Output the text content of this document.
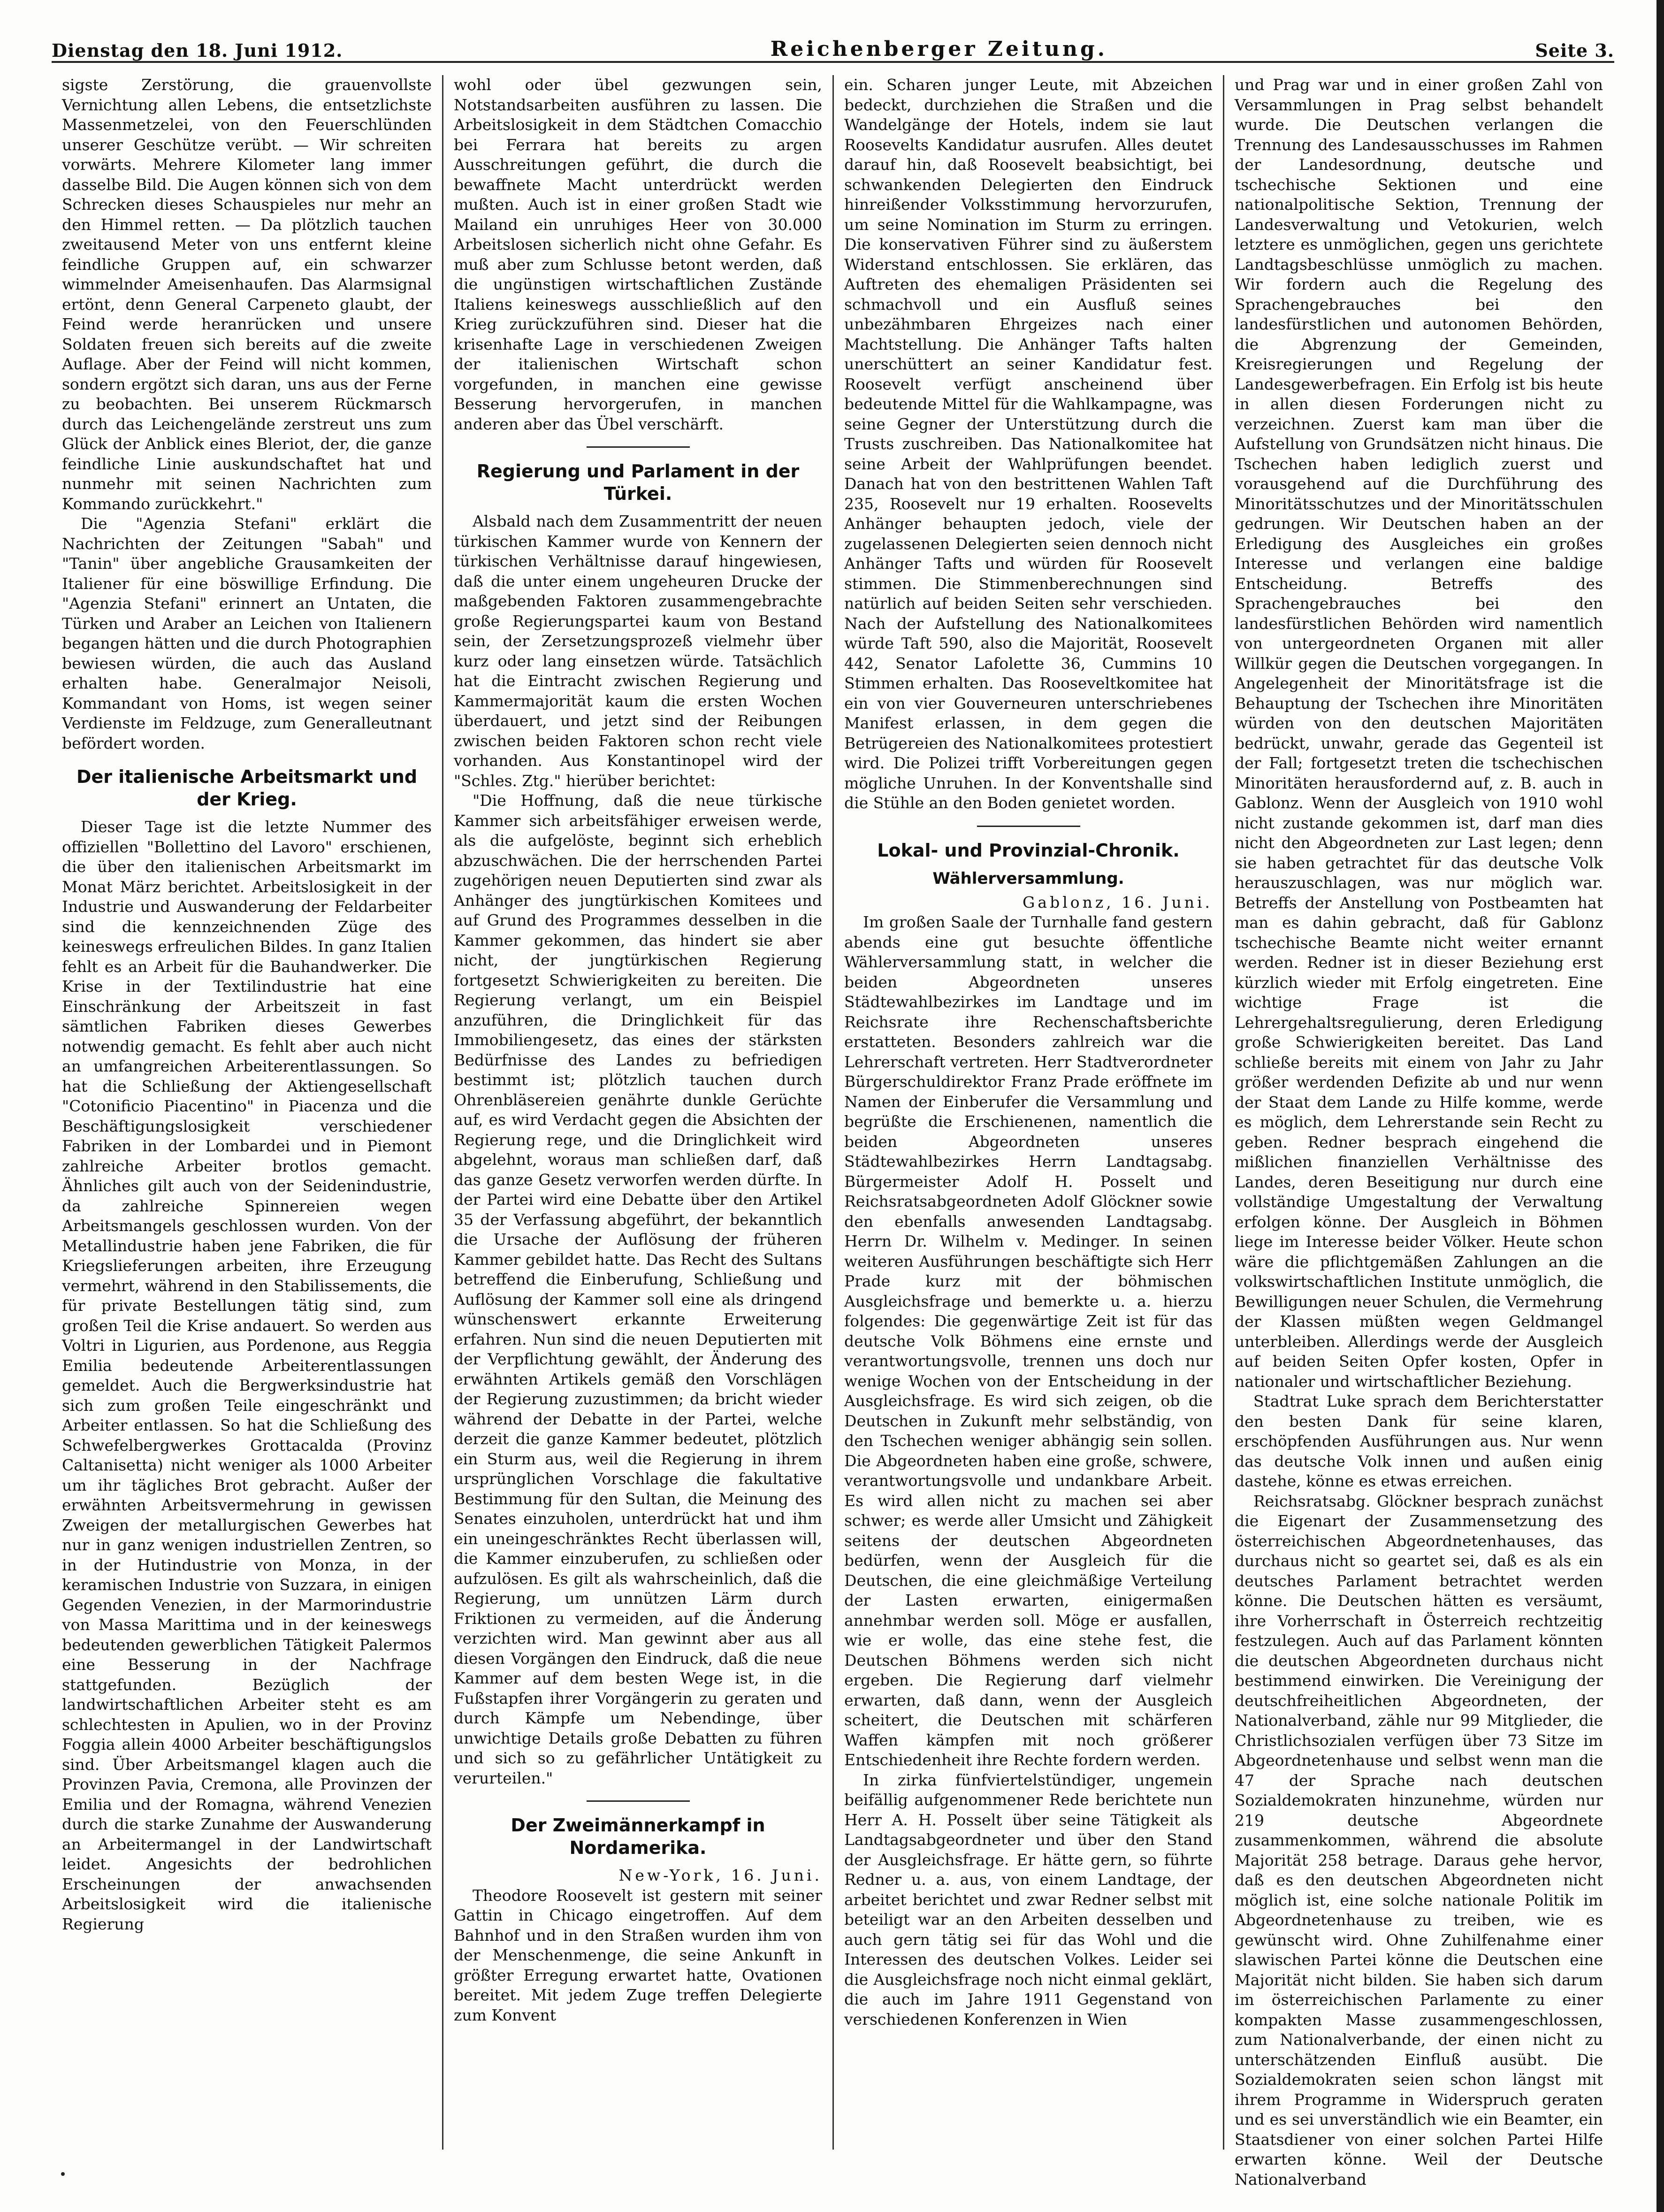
Dienstag den 18. Juni 1912.	Reichenberger Zeitung.	Seite 3.

sigste Zerstörung, die grauenvollste Vernichtung allen Lebens, die entsetzlichste Massenmetzelei, von den Feuerschlünden unserer Geschütze verübt. — Wir schreiten vorwärts. Mehrere Kilometer lang immer dasselbe Bild. Die Augen können sich von dem Schrecken dieses Schauspieles nur mehr an den Himmel retten. — Da plötzlich tauchen zweitausend Meter von uns entfernt kleine feindliche Gruppen auf, ein schwarzer wimmelnder Ameisenhaufen. Das Alarmsignal ertönt, denn General Carpeneto glaubt, der Feind werde heranrücken und unsere Soldaten freuen sich bereits auf die zweite Auflage. Aber der Feind will nicht kommen, sondern ergötzt sich daran, uns aus der Ferne zu beobachten. Bei unserem Rückmarsch durch das Leichengelände zerstreut uns zum Glück der Anblick eines Bleriot, der, die ganze feindliche Linie auskundschaftet hat und nunmehr mit seinen Nachrichten zum Kommando zurückkehrt."

Die "Agenzia Stefani" erklärt die Nachrichten der Zeitungen "Sabah" und "Tanin" über angebliche Grausamkeiten der Italiener für eine böswillige Erfindung. Die "Agenzia Stefani" erinnert an Untaten, die Türken und Araber an Leichen von Italienern begangen hätten und die durch Photographien bewiesen würden, die auch das Ausland erhalten habe. Generalmajor Neisoli, Kommandant von Homs, ist wegen seiner Verdienste im Feldzuge, zum Generalleutnant befördert worden.

Der italienische Arbeitsmarkt und der Krieg.

Dieser Tage ist die letzte Nummer des offiziellen "Bollettino del Lavoro" erschienen, die über den italienischen Arbeitsmarkt im Monat März berichtet. Arbeitslosigkeit in der Industrie und Auswanderung der Feldarbeiter sind die kennzeichnenden Züge des keineswegs erfreulichen Bildes. In ganz Italien fehlt es an Arbeit für die Bauhandwerker. Die Krise in der Textilindustrie hat eine Einschränkung der Arbeitszeit in fast sämtlichen Fabriken dieses Gewerbes notwendig gemacht. Es fehlt aber auch nicht an umfangreichen Arbeiterentlassungen. So hat die Schließung der Aktiengesellschaft "Cotonificio Piacentino" in Piacenza und die Beschäftigungslosigkeit verschiedener Fabriken in der Lombardei und in Piemont zahlreiche Arbeiter brotlos gemacht. Ähnliches gilt auch von der Seidenindustrie, da zahlreiche Spinnereien wegen Arbeitsmangels geschlossen wurden. Von der Metallindustrie haben jene Fabriken, die für Kriegslieferungen arbeiten, ihre Erzeugung vermehrt, während in den Stabilissements, die für private Bestellungen tätig sind, zum großen Teil die Krise andauert. So werden aus Voltri in Ligurien, aus Pordenone, aus Reggia Emilia bedeutende Arbeiterentlassungen gemeldet. Auch die Bergwerksindustrie hat sich zum großen Teile eingeschränkt und Arbeiter entlassen. So hat die Schließung des Schwefelbergwerkes Grottacalda (Provinz Caltanisetta) nicht weniger als 1000 Arbeiter um ihr tägliches Brot gebracht. Außer der erwähnten Arbeitsvermehrung in gewissen Zweigen der metallurgischen Gewerbes hat nur in ganz wenigen industriellen Zentren, so in der Hutindustrie von Monza, in der keramischen Industrie von Suzzara, in einigen Gegenden Venezien, in der Marmorindustrie von Massa Marittima und in der keineswegs bedeutenden gewerblichen Tätigkeit Palermos eine Besserung in der Nachfrage stattgefunden. Bezüglich der landwirtschaftlichen Arbeiter steht es am schlechtesten in Apulien, wo in der Provinz Foggia allein 4000 Arbeiter beschäftigungslos sind. Über Arbeitsmangel klagen auch die Provinzen Pavia, Cremona, alle Provinzen der Emilia und der Romagna, während Venezien durch die starke Zunahme der Auswanderung an Arbeitermangel in der Landwirtschaft leidet. Angesichts der bedrohlichen Erscheinungen der anwachsenden Arbeitslosigkeit wird die italienische Regierung

wohl oder übel gezwungen sein, Notstandsarbeiten ausführen zu lassen. Die Arbeitslosigkeit in dem Städtchen Comacchio bei Ferrara hat bereits zu argen Ausschreitungen geführt, die durch die bewaffnete Macht unterdrückt werden mußten. Auch ist in einer großen Stadt wie Mailand ein unruhiges Heer von 30.000 Arbeitslosen sicherlich nicht ohne Gefahr. Es muß aber zum Schlusse betont werden, daß die ungünstigen wirtschaftlichen Zustände Italiens keineswegs ausschließlich auf den Krieg zurückzuführen sind. Dieser hat die krisenhafte Lage in verschiedenen Zweigen der italienischen Wirtschaft schon vorgefunden, in manchen eine gewisse Besserung hervorgerufen, in manchen anderen aber das Übel verschärft.

Regierung und Parlament in der Türkei.

Alsbald nach dem Zusammentritt der neuen türkischen Kammer wurde von Kennern der türkischen Verhältnisse darauf hingewiesen, daß die unter einem ungeheuren Drucke der maßgebenden Faktoren zusammengebrachte große Regierungspartei kaum von Bestand sein, der Zersetzungsprozeß vielmehr über kurz oder lang einsetzen würde. Tatsächlich hat die Eintracht zwischen Regierung und Kammermajorität kaum die ersten Wochen überdauert, und jetzt sind der Reibungen zwischen beiden Faktoren schon recht viele vorhanden. Aus Konstantinopel wird der "Schles. Ztg." hierüber berichtet:

"Die Hoffnung, daß die neue türkische Kammer sich arbeitsfähiger erweisen werde, als die aufgelöste, beginnt sich erheblich abzuschwächen. Die der herrschenden Partei zugehörigen neuen Deputierten sind zwar als Anhänger des jungtürkischen Komitees und auf Grund des Programmes desselben in die Kammer gekommen, das hindert sie aber nicht, der jungtürkischen Regierung fortgesetzt Schwierigkeiten zu bereiten. Die Regierung verlangt, um ein Beispiel anzuführen, die Dringlichkeit für das Immobiliengesetz, das eines der stärksten Bedürfnisse des Landes zu befriedigen bestimmt ist; plötzlich tauchen durch Ohrenbläsereien genährte dunkle Gerüchte auf, es wird Verdacht gegen die Absichten der Regierung rege, und die Dringlichkeit wird abgelehnt, woraus man schließen darf, daß das ganze Gesetz verworfen werden dürfte. In der Partei wird eine Debatte über den Artikel 35 der Verfassung abgeführt, der bekanntlich die Ursache der Auflösung der früheren Kammer gebildet hatte. Das Recht des Sultans betreffend die Einberufung, Schließung und Auflösung der Kammer soll eine als dringend wünschenswert erkannte Erweiterung erfahren. Nun sind die neuen Deputierten mit der Verpflichtung gewählt, der Änderung des erwähnten Artikels gemäß den Vorschlägen der Regierung zuzustimmen; da bricht wieder während der Debatte in der Partei, welche derzeit die ganze Kammer bedeutet, plötzlich ein Sturm aus, weil die Regierung in ihrem ursprünglichen Vorschlage die fakultative Bestimmung für den Sultan, die Meinung des Senates einzuholen, unterdrückt hat und ihm ein uneingeschränktes Recht überlassen will, die Kammer einzuberufen, zu schließen oder aufzulösen. Es gilt als wahrscheinlich, daß die Regierung, um unnützen Lärm durch Friktionen zu vermeiden, auf die Änderung verzichten wird. Man gewinnt aber aus all diesen Vorgängen den Eindruck, daß die neue Kammer auf dem besten Wege ist, in die Fußstapfen ihrer Vorgängerin zu geraten und durch Kämpfe um Nebendinge, über unwichtige Details große Debatten zu führen und sich so zu gefährlicher Untätigkeit zu verurteilen."

Der Zweimännerkampf in Nordamerika.

New-York, 16. Juni.

Theodore Roosevelt ist gestern mit seiner Gattin in Chicago eingetroffen. Auf dem Bahnhof und in den Straßen wurden ihm von der Menschenmenge, die seine Ankunft in größter Erregung erwartet hatte, Ovationen bereitet. Mit jedem Zuge treffen Delegierte zum Konvent

ein. Scharen junger Leute, mit Abzeichen bedeckt, durchziehen die Straßen und die Wandelgänge der Hotels, indem sie laut Roosevelts Kandidatur ausrufen. Alles deutet darauf hin, daß Roosevelt beabsichtigt, bei schwankenden Delegierten den Eindruck hinreißender Volksstimmung hervorzurufen, um seine Nomination im Sturm zu erringen. Die konservativen Führer sind zu äußerstem Widerstand entschlossen. Sie erklären, das Auftreten des ehemaligen Präsidenten sei schmachvoll und ein Ausfluß seines unbezähmbaren Ehrgeizes nach einer Machtstellung. Die Anhänger Tafts halten unerschüttert an seiner Kandidatur fest. Roosevelt verfügt anscheinend über bedeutende Mittel für die Wahlkampagne, was seine Gegner der Unterstützung durch die Trusts zuschreiben. Das Nationalkomitee hat seine Arbeit der Wahlprüfungen beendet. Danach hat von den bestrittenen Wahlen Taft 235, Roosevelt nur 19 erhalten. Roosevelts Anhänger behaupten jedoch, viele der zugelassenen Delegierten seien dennoch nicht Anhänger Tafts und würden für Roosevelt stimmen. Die Stimmenberechnungen sind natürlich auf beiden Seiten sehr verschieden. Nach der Aufstellung des Nationalkomitees würde Taft 590, also die Majorität, Roosevelt 442, Senator Lafolette 36, Cummins 10 Stimmen erhalten. Das Rooseveltkomitee hat ein von vier Gouverneuren unterschriebenes Manifest erlassen, in dem gegen die Betrügereien des Nationalkomitees protestiert wird. Die Polizei trifft Vorbereitungen gegen mögliche Unruhen. In der Konventshalle sind die Stühle an den Boden genietet worden.

Lokal- und Provinzial-Chronik.
Wählerversammlung.

Gablonz, 16. Juni.

Im großen Saale der Turnhalle fand gestern abends eine gut besuchte öffentliche Wählerversammlung statt, in welcher die beiden Abgeordneten unseres Städtewahlbezirkes im Landtage und im Reichsrate ihre Rechenschaftsberichte erstatteten. Besonders zahlreich war die Lehrerschaft vertreten. Herr Stadtverordneter Bürgerschuldirektor Franz Prade eröffnete im Namen der Einberufer die Versammlung und begrüßte die Erschienenen, namentlich die beiden Abgeordneten unseres Städtewahlbezirkes Herrn Landtagsabg. Bürgermeister Adolf H. Posselt und Reichsratsabgeordneten Adolf Glöckner sowie den ebenfalls anwesenden Landtagsabg. Herrn Dr. Wilhelm v. Medinger. In seinen weiteren Ausführungen beschäftigte sich Herr Prade kurz mit der böhmischen Ausgleichsfrage und bemerkte u. a. hierzu folgendes: Die gegenwärtige Zeit ist für das deutsche Volk Böhmens eine ernste und verantwortungsvolle, trennen uns doch nur wenige Wochen von der Entscheidung in der Ausgleichsfrage. Es wird sich zeigen, ob die Deutschen in Zukunft mehr selbständig, von den Tschechen weniger abhängig sein sollen. Die Abgeordneten haben eine große, schwere, verantwortungsvolle und undankbare Arbeit. Es wird allen nicht zu machen sei aber schwer; es werde aller Umsicht und Zähigkeit seitens der deutschen Abgeordneten bedürfen, wenn der Ausgleich für die Deutschen, die eine gleichmäßige Verteilung der Lasten erwarten, einigermaßen annehmbar werden soll. Möge er ausfallen, wie er wolle, das eine stehe fest, die Deutschen Böhmens werden sich nicht ergeben. Die Regierung darf vielmehr erwarten, daß dann, wenn der Ausgleich scheitert, die Deutschen mit schärferen Waffen kämpfen mit noch größerer Entschiedenheit ihre Rechte fordern werden.

In zirka fünfviertelstündiger, ungemein beifällig aufgenommener Rede berichtete nun Herr A. H. Posselt über seine Tätigkeit als Landtagsabgeordneter und über den Stand der Ausgleichsfrage. Er hätte gern, so führte Redner u. a. aus, von einem Landtage, der arbeitet berichtet und zwar Redner selbst mit beteiligt war an den Arbeiten desselben und auch gern tätig sei für das Wohl und die Interessen des deutschen Volkes. Leider sei die Ausgleichsfrage noch nicht einmal geklärt, die auch im Jahre 1911 Gegenstand von verschiedenen Konferenzen in Wien

und Prag war und in einer großen Zahl von Versammlungen in Prag selbst behandelt wurde. Die Deutschen verlangen die Trennung des Landesausschusses im Rahmen der Landesordnung, deutsche und tschechische Sektionen und eine nationalpolitische Sektion, Trennung der Landesverwaltung und Vetokurien, welch letztere es unmöglichen, gegen uns gerichtete Landtagsbeschlüsse unmöglich zu machen. Wir fordern auch die Regelung des Sprachengebrauches bei den landesfürstlichen und autonomen Behörden, die Abgrenzung der Gemeinden, Kreisregierungen und Regelung der Landesgewerbefragen. Ein Erfolg ist bis heute in allen diesen Forderungen nicht zu verzeichnen. Zuerst kam man über die Aufstellung von Grundsätzen nicht hinaus. Die Tschechen haben lediglich zuerst und vorausgehend auf die Durchführung des Minoritätsschutzes und der Minoritätsschulen gedrungen. Wir Deutschen haben an der Erledigung des Ausgleiches ein großes Interesse und verlangen eine baldige Entscheidung. Betreffs des Sprachengebrauches bei den landesfürstlichen Behörden wird namentlich von untergeordneten Organen mit aller Willkür gegen die Deutschen vorgegangen. In Angelegenheit der Minoritätsfrage ist die Behauptung der Tschechen ihre Minoritäten würden von den deutschen Majoritäten bedrückt, unwahr, gerade das Gegenteil ist der Fall; fortgesetzt treten die tschechischen Minoritäten herausfordernd auf, z. B. auch in Gablonz. Wenn der Ausgleich von 1910 wohl nicht zustande gekommen ist, darf man dies nicht den Abgeordneten zur Last legen; denn sie haben getrachtet für das deutsche Volk herauszuschlagen, was nur möglich war. Betreffs der Anstellung von Postbeamten hat man es dahin gebracht, daß für Gablonz tschechische Beamte nicht weiter ernannt werden. Redner ist in dieser Beziehung erst kürzlich wieder mit Erfolg eingetreten. Eine wichtige Frage ist die Lehrergehaltsregulierung, deren Erledigung große Schwierigkeiten bereitet. Das Land schließe bereits mit einem von Jahr zu Jahr größer werdenden Defizite ab und nur wenn der Staat dem Lande zu Hilfe komme, werde es möglich, dem Lehrerstande sein Recht zu geben. Redner besprach eingehend die mißlichen finanziellen Verhältnisse des Landes, deren Beseitigung nur durch eine vollständige Umgestaltung der Verwaltung erfolgen könne. Der Ausgleich in Böhmen liege im Interesse beider Völker. Heute schon wäre die pflichtgemäßen Zahlungen an die volkswirtschaftlichen Institute unmöglich, die Bewilligungen neuer Schulen, die Vermehrung der Klassen müßten wegen Geldmangel unterbleiben. Allerdings werde der Ausgleich auf beiden Seiten Opfer kosten, Opfer in nationaler und wirtschaftlicher Beziehung.

Stadtrat Luke sprach dem Berichterstatter den besten Dank für seine klaren, erschöpfenden Ausführungen aus. Nur wenn das deutsche Volk innen und außen einig dastehe, könne es etwas erreichen.

Reichsratsabg. Glöckner besprach zunächst die Eigenart der Zusammensetzung des österreichischen Abgeordnetenhauses, das durchaus nicht so geartet sei, daß es als ein deutsches Parlament betrachtet werden könne. Die Deutschen hätten es versäumt, ihre Vorherrschaft in Österreich rechtzeitig festzulegen. Auch auf das Parlament könnten die deutschen Abgeordneten durchaus nicht bestimmend einwirken. Die Vereinigung der deutschfreiheitlichen Abgeordneten, der Nationalverband, zähle nur 99 Mitglieder, die Christlichsozialen verfügen über 73 Sitze im Abgeordnetenhause und selbst wenn man die 47 der Sprache nach deutschen Sozialdemokraten hinzunehme, würden nur 219 deutsche Abgeordnete zusammenkommen, während die absolute Majorität 258 betrage. Daraus gehe hervor, daß es den deutschen Abgeordneten nicht möglich ist, eine solche nationale Politik im Abgeordnetenhause zu treiben, wie es gewünscht wird. Ohne Zuhilfenahme einer slawischen Partei könne die Deutschen eine Majorität nicht bilden. Sie haben sich darum im österreichischen Parlamente zu einer kompakten Masse zusammengeschlossen, zum Nationalverbande, der einen nicht zu unterschätzenden Einfluß ausübt. Die Sozialdemokraten seien schon längst mit ihrem Programme in Widerspruch geraten und es sei unverständlich wie ein Beamter, ein Staatsdiener von einer solchen Partei Hilfe erwarten könne. Weil der Deutsche Nationalverband
